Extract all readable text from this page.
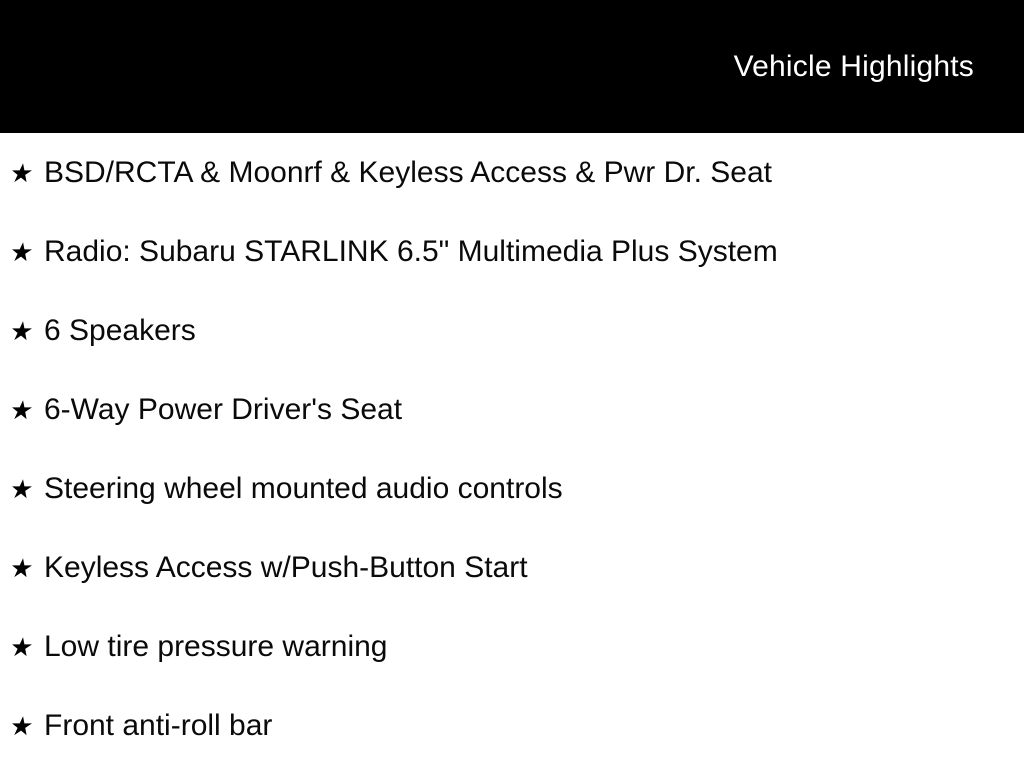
Vehicle Highlights
★ BSD/RCTA & Moonrf & Keyless Access & Pwr Dr. Seat
★ Radio: Subaru STARLINK 6.5" Multimedia Plus System
★ 6 Speakers
★ 6-Way Power Driver's Seat
★ Steering wheel mounted audio controls
★ Keyless Access w/Push-Button Start
★ Low tire pressure warning
★ Front anti-roll bar
